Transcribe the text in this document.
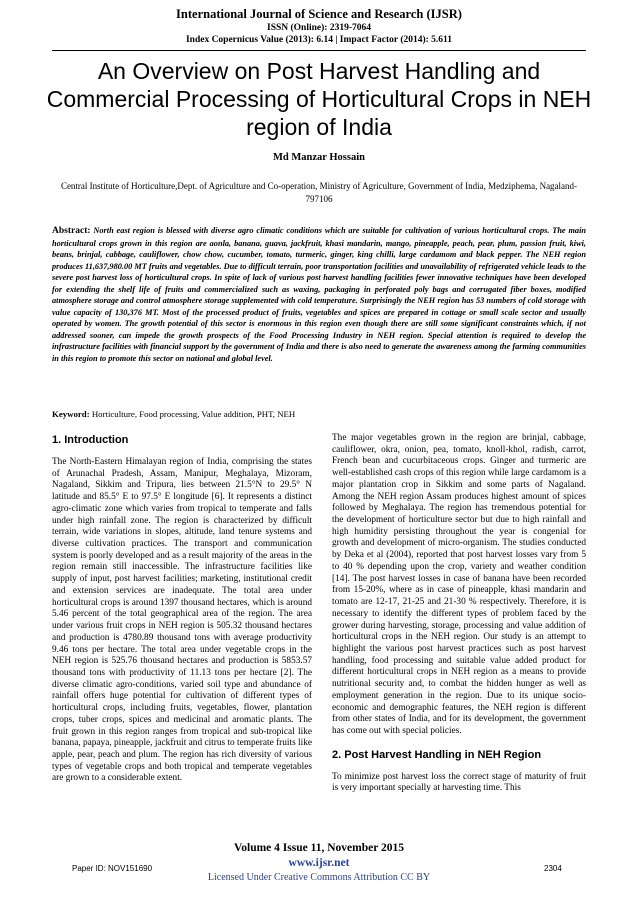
International Journal of Science and Research (IJSR)
ISSN (Online): 2319-7064
Index Copernicus Value (2013): 6.14 | Impact Factor (2014): 5.611
An Overview on Post Harvest Handling and Commercial Processing of Horticultural Crops in NEH region of India
Md Manzar Hossain
Central Institute of Horticulture,Dept. of Agriculture and Co-operation, Ministry of Agriculture, Government of India, Medziphema, Nagaland-797106
Abstract: North east region is blessed with diverse agro climatic conditions which are suitable for cultivation of various horticultural crops. The main horticultural crops grown in this region are aonla, banana, guava, jackfruit, khasi mandarin, mango, pineapple, peach, pear, plum, passion fruit, kiwi, beans, brinjal, cabbage, cauliflower, chow chow, cucumber, tomato, turmeric, ginger, king chilli, large cardamom and black pepper. The NEH region produces 11,637,980.00 MT fruits and vegetables. Due to difficult terrain, poor transportation facilities and unavailability of refrigerated vehicle leads to the severe post harvest loss of horticultural crops. In spite of lack of various post harvest handling facilities fewer innovative techniques have been developed for extending the shelf life of fruits and commercialized such as waxing, packaging in perforated poly bags and corrugated fiber boxes, modified atmosphere storage and control atmosphere storage supplemented with cold temperature. Surprisingly the NEH region has 53 numbers of cold storage with value capacity of 130,376 MT. Most of the processed product of fruits, vegetables and spices are prepared in cottage or small scale sector and usually operated by women. The growth potential of this sector is enormous in this region even though there are still some significant constraints which, if not addressed sooner, can impede the growth prospects of the Food Processing Industry in NEH region. Special attention is required to develop the infrastructure facilities with financial support by the government of India and there is also need to generate the awareness among the farming communities in this region to promote this sector on national and global level.
Keyword: Horticulture, Food processing, Value addition, PHT, NEH
1. Introduction

The North-Eastern Himalayan region of India, comprising the states of Arunachal Pradesh, Assam, Manipur, Meghalaya, Mizoram, Nagaland, Sikkim and Tripura, lies between 21.5°N to 29.5° N latitude and 85.5° E to 97.5° E longitude [6]. It represents a distinct agro-climatic zone which varies from tropical to temperate and falls under high rainfall zone. The region is characterized by difficult terrain, wide variations in slopes, altitude, land tenure systems and diverse cultivation practices. The transport and communication system is poorly developed and as a result majority of the areas in the region remain still inaccessible. The infrastructure facilities like supply of input, post harvest facilities; marketing, institutional credit and extension services are inadequate. The total area under horticultural crops is around 1397 thousand hectares, which is around 5.46 percent of the total geographical area of the region. The area under various fruit crops in NEH region is 505.32 thousand hectares and production is 4780.89 thousand tons with average productivity 9.46 tons per hectare. The total area under vegetable crops in the NEH region is 525.76 thousand hectares and production is 5853.57 thousand tons with productivity of 11.13 tons per hectare [2]. The diverse climatic agro-conditions, varied soil type and abundance of rainfall offers huge potential for cultivation of different types of horticultural crops, including fruits, vegetables, flower, plantation crops, tuber crops, spices and medicinal and aromatic plants. The fruit grown in this region ranges from tropical and sub-tropical like banana, papaya, pineapple, jackfruit and citrus to temperate fruits like apple, pear, peach and plum. The region has rich diversity of various types of vegetable crops and both tropical and temperate vegetables are grown to a considerable extent.

The major vegetables grown in the region are brinjal, cabbage, cauliflower, okra, onion, pea, tomato, knoll-khol, radish, carrot, French bean and cucurbitaceous crops. Ginger and turmeric are well-established cash crops of this region while large cardamom is a major plantation crop in Sikkim and some parts of Nagaland. Among the NEH region Assam produces highest amount of spices followed by Meghalaya. The region has tremendous potential for the development of horticulture sector but due to high rainfall and high humidity persisting throughout the year is congenial for growth and development of micro-organism. The studies conducted by Deka et al (2004), reported that post harvest losses vary from 5 to 40 % depending upon the crop, variety and weather condition [14]. The post harvest losses in case of banana have been recorded from 15-20%, where as in case of pineapple, khasi mandarin and tomato are 12-17, 21-25 and 21-30 % respectively. Therefore, it is necessary to identify the different types of problem faced by the grower during harvesting, storage, processing and value addition of horticultural crops in the NEH region. Our study is an attempt to highlight the various post harvest practices such as post harvest handling, food processing and suitable value added product for different horticultural crops in NEH region as a means to provide nutritional security and, to combat the hidden hunger as well as employment generation in the region. Due to its unique socio-economic and demographic features, the NEH region is different from other states of India, and for its development, the government has come out with special policies.

2. Post Harvest Handling in NEH Region

To minimize post harvest loss the correct stage of maturity of fruit is very important specially at harvesting time. This

Volume 4 Issue 11, November 2015
www.ijsr.net
Licensed Under Creative Commons Attribution CC BY
Paper ID: NOV151690	2304
